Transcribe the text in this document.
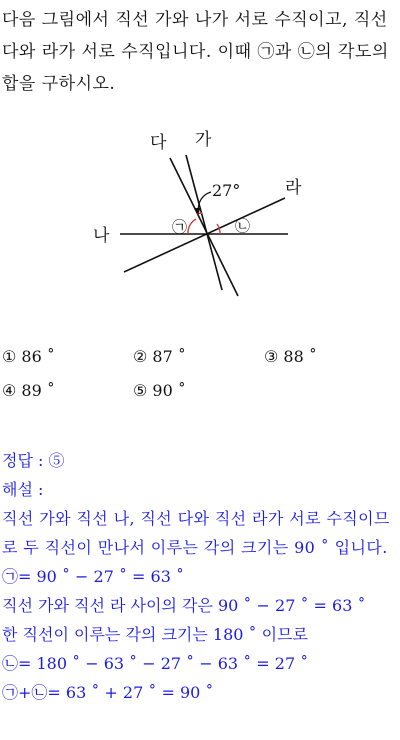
다음 그림에서 직선 가와 나가 서로 수직이고, 직선 다와 라가 서로 수직입니다. 이때 ㉠과 ㉡의 각도의 합을 구하시오.
다 가
라
나
27°
㉠	㉡
① 86 ˚	② 87 ˚	③ 88 ˚
④ 89 ˚	⑤ 90 ˚
정답 : ⑤
해설 :
직선 가와 직선 나, 직선 다와 직선 라가 서로 수직이므로 두 직선이 만나서 이루는 각의 크기는 90 ˚ 입니다.
㉠= 90 ˚ − 27 ˚ = 63 ˚
직선 가와 직선 라 사이의 각은 90 ˚ − 27 ˚ = 63 ˚
한 직선이 이루는 각의 크기는 180 ˚ 이므로
㉡= 180 ˚ − 63 ˚ − 27 ˚ − 63 ˚ = 27 ˚
㉠+㉡= 63 ˚ + 27 ˚ = 90 ˚
